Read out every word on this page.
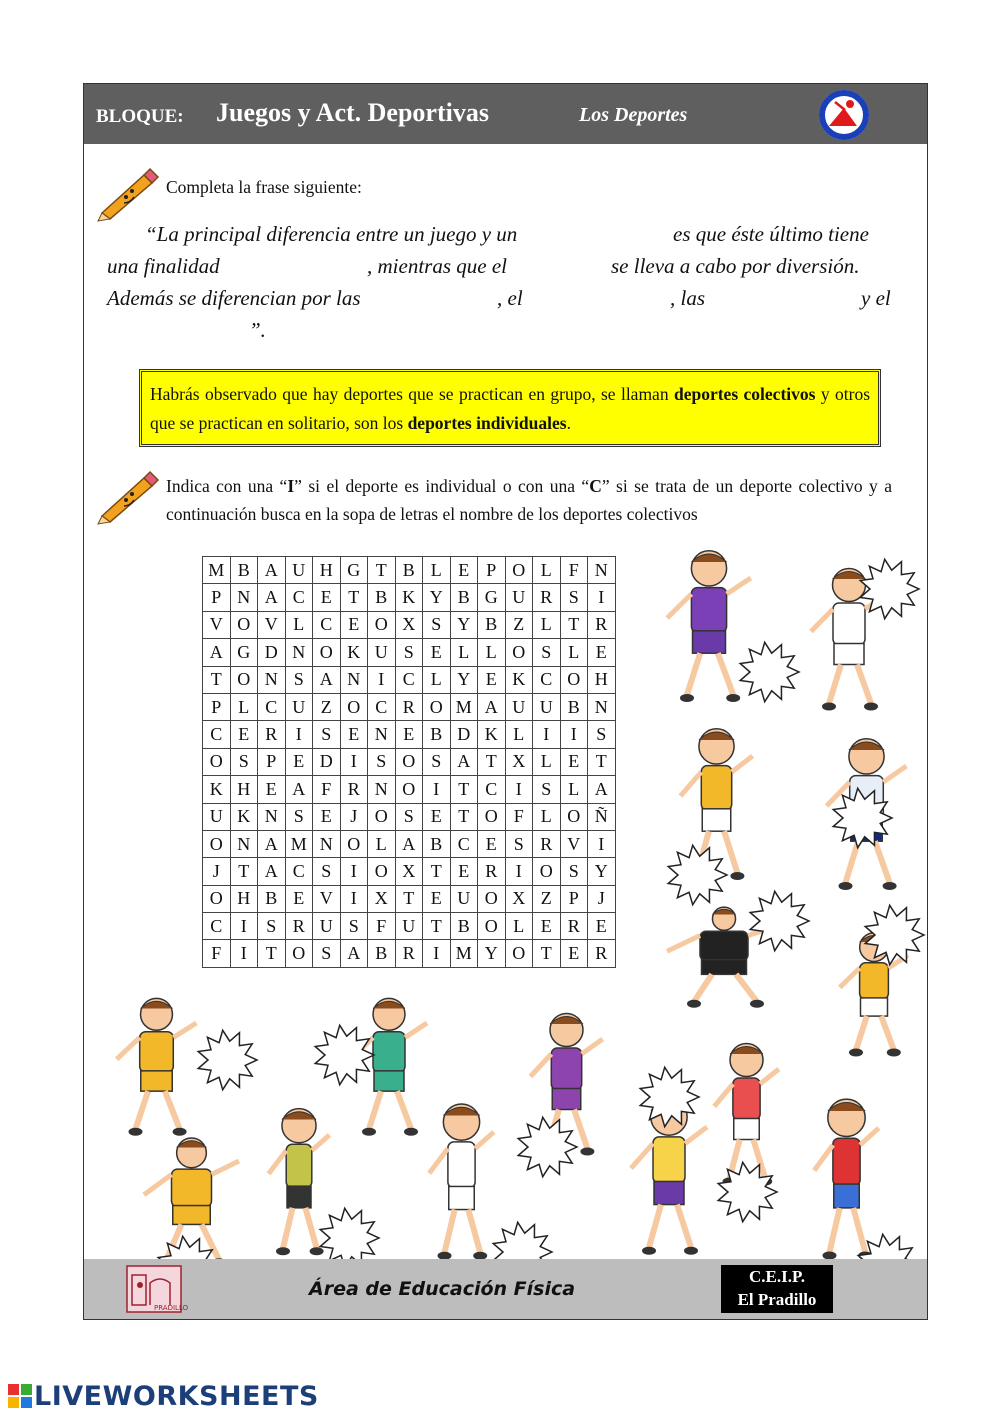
BLOQUE: Juegos y Act. Deportivas	Los Deportes
Completa la frase siguiente:
“La principal diferencia entre un juego y un	es que éste último tiene
una finalidad	, mientras que el	se lleva a cabo por diversión.
Además se diferencian por las	, el	, las	y el
”.
Habrás observado que hay deportes que se practican en grupo, se llaman deportes colectivos y otros que se practican en solitario, son los deportes individuales.
Indica con una “I” si el deporte es individual o con una “C” si se trata de un deporte colectivo y a continuación busca en la sopa de letras el nombre de los deportes colectivos
M	B	A	U	H	G	T	B	L	E	P	O	L	F	N
P	N	A	C	E	T	B	K	Y	B	G	U	R	S	I
V	O	V	L	C	E	O	X	S	Y	B	Z	L	T	R
A	G	D	N	O	K	U	S	E	L	L	O	S	L	E
T	O	N	S	A	N	I	C	L	Y	E	K	C	O	H
P	L	C	U	Z	O	C	R	O	M	A	U	U	B	N
C	E	R	I	S	E	N	E	B	D	K	L	I	I	S
O	S	P	E	D	I	S	O	S	A	T	X	L	E	T
K	H	E	A	F	R	N	O	I	T	C	I	S	L	A
U	K	N	S	E	J	O	S	E	T	O	F	L	O	Ñ
O	N	A	M	N	O	L	A	B	C	E	S	R	V	I
J	T	A	C	S	I	O	X	T	E	R	I	O	S	Y
O	H	B	E	V	I	X	T	E	U	O	X	Z	P	J
C	I	S	R	U	S	F	U	T	B	O	L	E	R	E
F	I	T	O	S	A	B	R	I	M	Y	O	T	E	R
PRADILLO
Área de Educación Física
C.E.I.P.
El Pradillo
LIVEWORKSHEETS
